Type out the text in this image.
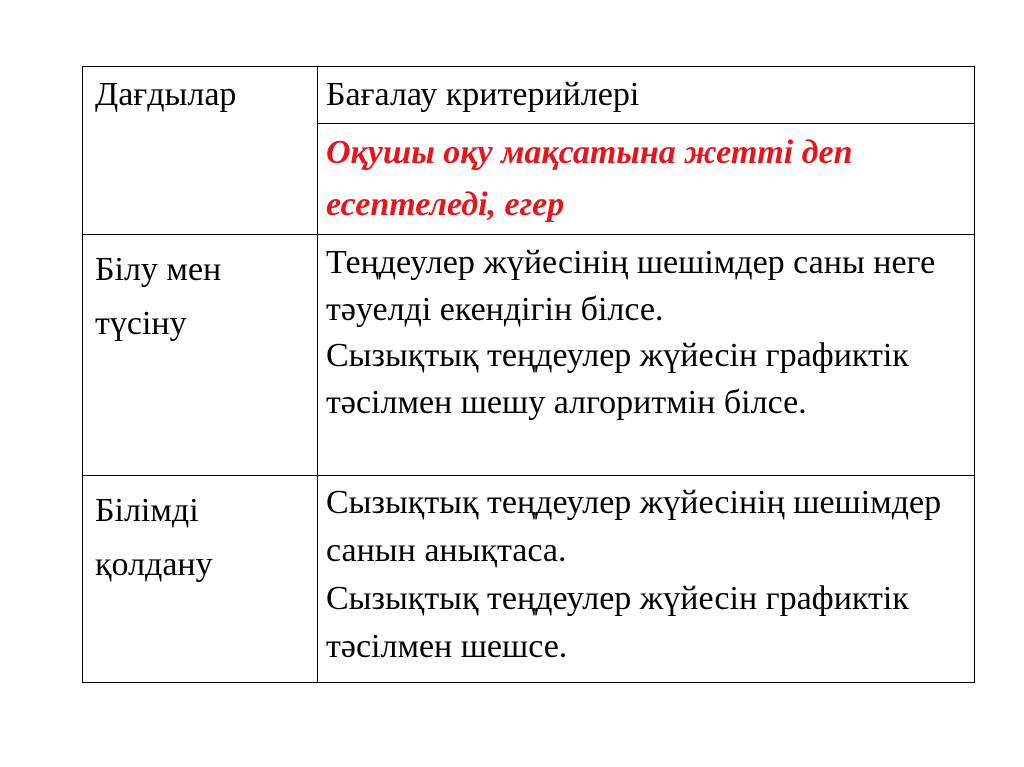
Дағдылар	Бағалау критерийлері

	Оқушы оқу мақсатына жетті деп есептеледі, егер

Білу мен түсіну	Теңдеулер жүйесінің шешімдер саны неге тәуелді екендігін білсе.
Сызықтық теңдеулер жүйесін графиктік тәсілмен шешу алгоритмін білсе.

Білімді қолдану	Сызықтық теңдеулер жүйесінің шешімдер санын анықтаса.
Сызықтық теңдеулер жүйесін графиктік тәсілмен шешсе.
